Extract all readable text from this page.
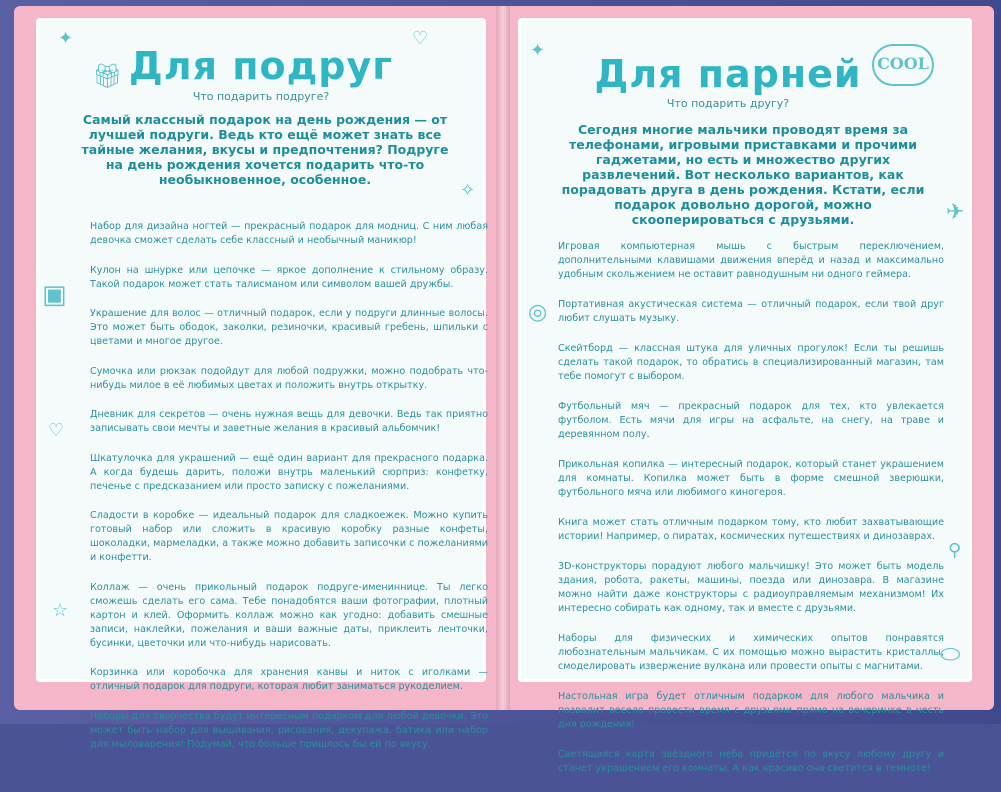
✦
🎁︎
▣
♡
☆
♡
✧
✦
◎
✈
⚲
⬭
COOL
Для подруг
Что подарить подруге?
Самый классный подарок на день рождения — от лучшей подруги. Ведь кто ещё может знать все тайные желания, вкусы и предпочтения? Подруге на день рождения хочется подарить что-то необыкновенное, особенное.

Набор для дизайна ногтей — прекрасный подарок для модниц. С ним любая девочка сможет сделать себе классный и необычный маникюр!

Кулон на шнурке или цепочке — яркое дополнение к стильному образу. Такой подарок может стать талисманом или символом вашей дружбы.

Украшение для волос — отличный подарок, если у подруги длинные волосы. Это может быть ободок, заколки, резиночки, красивый гребень, шпильки с цветами и многое другое.

Сумочка или рюкзак подойдут для любой подружки, можно подобрать что-нибудь милое в её любимых цветах и положить внутрь открытку.

Дневник для секретов — очень нужная вещь для девочки. Ведь так приятно записывать свои мечты и заветные желания в красивый альбомчик!

Шкатулочка для украшений — ещё один вариант для прекрасного подарка. А когда будешь дарить, положи внутрь маленький сюрприз: конфетку, печенье с предсказанием или просто записку с пожеланиями.

Сладости в коробке — идеальный подарок для сладкоежек. Можно купить готовый набор или сложить в красивую коробку разные конфеты, шоколадки, мармеладки, а также можно добавить записочки с пожеланиями и конфетти.

Коллаж — очень прикольный подарок подруге-имениннице. Ты легко сможешь сделать его сама. Тебе понадобятся ваши фотографии, плотный картон и клей. Оформить коллаж можно как угодно: добавить смешные записи, наклейки, пожелания и ваши важные даты, приклеить ленточки, бусинки, цветочки или что-нибудь нарисовать.

Корзинка или коробочка для хранения канвы и ниток с иголками — отличный подарок для подруги, которая любит заниматься рукоделием.

Наборы для творчества будут интересным подарком для любой девочки. Это может быть набор для вышивания, рисования, декупажа, батика или набор для мыловарения! Подумай, что больше пришлось бы ей по вкусу.

Для парней
Что подарить другу?
Сегодня многие мальчики проводят время за телефонами, игровыми приставками и прочими гаджетами, но есть и множество других развлечений. Вот несколько вариантов, как порадовать друга в день рождения. Кстати, если подарок довольно дорогой, можно скооперироваться с друзьями.

Игровая компьютерная мышь с быстрым переключением, дополнительными клавишами движения вперёд и назад и максимально удобным скольжением не оставит равнодушным ни одного геймера.

Портативная акустическая система — отличный подарок, если твой друг любит слушать музыку.

Скейтборд — классная штука для уличных прогулок! Если ты решишь сделать такой подарок, то обратись в специализированный магазин, там тебе помогут с выбором.

Футбольный мяч — прекрасный подарок для тех, кто увлекается футболом. Есть мячи для игры на асфальте, на снегу, на траве и деревянном полу.

Прикольная копилка — интересный подарок, который станет украшением для комнаты. Копилка может быть в форме смешной зверюшки, футбольного мяча или любимого киногероя.

Книга может стать отличным подарком тому, кто любит захватывающие истории! Например, о пиратах, космических путешествиях и динозаврах.

3D-конструкторы порадуют любого мальчишку! Это может быть модель здания, робота, ракеты, машины, поезда или динозавра. В магазине можно найти даже конструкторы с радиоуправляемым механизмом! Их интересно собирать как одному, так и вместе с друзьями.

Наборы для физических и химических опытов понравятся любознательным мальчикам. С их помощью можно вырастить кристаллы, смоделировать извержение вулкана или провести опыты с магнитами.

Настольная игра будет отличным подарком для любого мальчика и позволит весело провести время с друзьями прямо на вечеринке в честь дня рождения!

Светящаяся карта звёздного неба придётся по вкусу любому другу и станет украшением его комнаты. А как красиво она светится в темноте!
